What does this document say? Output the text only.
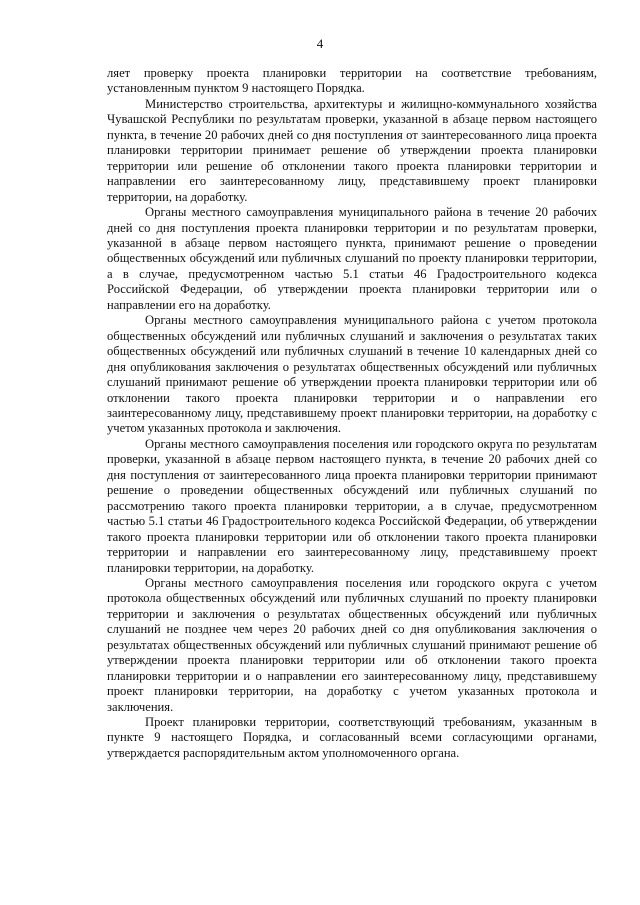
4

ляет проверку проекта планировки территории на соответствие требованиям, установленным пунктом 9 настоящего Порядка.

Министерство строительства, архитектуры и жилищно-коммунального хозяйства Чувашской Республики по результатам проверки, указанной в абзаце первом настоящего пункта, в течение 20 рабочих дней со дня поступления от заинтересованного лица проекта планировки территории принимает решение об утверждении проекта планировки территории или решение об отклонении такого проекта планировки территории и направлении его заинтересованному лицу, представившему проект планировки территории, на доработку.

Органы местного самоуправления муниципального района в течение 20 рабочих дней со дня поступления проекта планировки территории и по результатам проверки, указанной в абзаце первом настоящего пункта, принимают решение о проведении общественных обсуждений или публичных слушаний по проекту планировки территории, а в случае, предусмотренном частью 5.1 статьи 46 Градостроительного кодекса Российской Федерации, об утверждении проекта планировки территории или о направлении его на доработку.

Органы местного самоуправления муниципального района с учетом протокола общественных обсуждений или публичных слушаний и заключения о результатах таких общественных обсуждений или публичных слушаний в течение 10 календарных дней со дня опубликования заключения о результатах общественных обсуждений или публичных слушаний принимают решение об утверждении проекта планировки территории или об отклонении такого проекта планировки территории и о направлении его заинтересованному лицу, представившему проект планировки территории, на доработку с учетом указанных протокола и заключения.

Органы местного самоуправления поселения или городского округа по результатам проверки, указанной в абзаце первом настоящего пункта, в течение 20 рабочих дней со дня поступления от заинтересованного лица проекта планировки территории принимают решение о проведении общественных обсуждений или публичных слушаний по рассмотрению такого проекта планировки территории, а в случае, предусмотренном частью 5.1 статьи 46 Градостроительного кодекса Российской Федерации, об утверждении такого проекта планировки территории или об отклонении такого проекта планировки территории и направлении его заинтересованному лицу, представившему проект планировки территории, на доработку.

Органы местного самоуправления поселения или городского округа с учетом протокола общественных обсуждений или публичных слушаний по проекту планировки территории и заключения о результатах общественных обсуждений или публичных слушаний не позднее чем через 20 рабочих дней со дня опубликования заключения о результатах общественных обсуждений или публичных слушаний принимают решение об утверждении проекта планировки территории или об отклонении такого проекта планировки территории и о направлении его заинтересованному лицу, представившему проект планировки территории, на доработку с учетом указанных протокола и заключения.

Проект планировки территории, соответствующий требованиям, указанным в пункте 9 настоящего Порядка, и согласованный всеми согласующими органами, утверждается распорядительным актом уполномоченного органа.
